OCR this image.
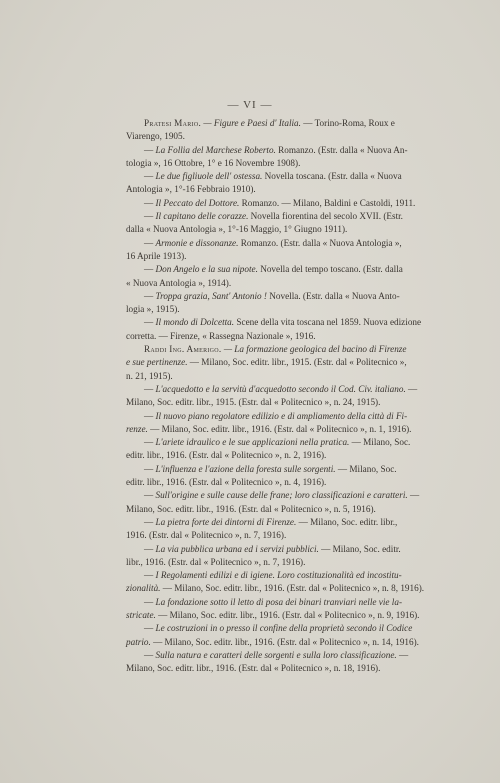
— VI —

Pratesi Mario. — Figure e Paesi d' Italia. — Torino-Roma, Roux e
Viarengo, 1905.

— La Follia del Marchese Roberto. Romanzo. (Estr. dalla « Nuova An-
tologia », 16 Ottobre, 1° e 16 Novembre 1908).

— Le due figliuole dell' ostessa. Novella toscana. (Estr. dalla « Nuova
Antologia », 1°-16 Febbraio 1910).

— Il Peccato del Dottore. Romanzo. — Milano, Baldini e Castoldi, 1911.

— Il capitano delle corazze. Novella fiorentina del secolo XVII. (Estr.
dalla « Nuova Antologia », 1°-16 Maggio, 1° Giugno 1911).

— Armonie e dissonanze. Romanzo. (Estr. dalla « Nuova Antologia »,
16 Aprile 1913).

— Don Angelo e la sua nipote. Novella del tempo toscano. (Estr. dalla
« Nuova Antologia », 1914).

— Troppa grazia, Sant' Antonio ! Novella. (Estr. dalla « Nuova Anto-
logia », 1915).

— Il mondo di Dolcetta. Scene della vita toscana nel 1859. Nuova edizione
corretta. — Firenze, « Rassegna Nazionale », 1916.

Raddi Ing. Amerigo. — La formazione geologica del bacino di Firenze
e sue pertinenze. — Milano, Soc. editr. libr., 1915. (Estr. dal « Politecnico »,
n. 21, 1915).

— L'acquedotto e la servitù d'acquedotto secondo il Cod. Civ. italiano. —
Milano, Soc. editr. libr., 1915. (Estr. dal « Politecnico », n. 24, 1915).

— Il nuovo piano regolatore edilizio e di ampliamento della città di Fi-
renze. — Milano, Soc. editr. libr., 1916. (Estr. dal « Politecnico », n. 1, 1916).

— L'ariete idraulico e le sue applicazioni nella pratica. — Milano, Soc.
editr. libr., 1916. (Estr. dal « Politecnico », n. 2, 1916).

— L'influenza e l'azione della foresta sulle sorgenti. — Milano, Soc.
editr. libr., 1916. (Estr. dal « Politecnico », n. 4, 1916).

— Sull'origine e sulle cause delle frane; loro classificazioni e caratteri. —
Milano, Soc. editr. libr., 1916. (Estr. dal « Politecnico », n. 5, 1916).

— La pietra forte dei dintorni di Firenze. — Milano, Soc. editr. libr.,
1916. (Estr. dal « Politecnico », n. 7, 1916).

— La via pubblica urbana ed i servizi pubblici. — Milano, Soc. editr.
libr., 1916. (Estr. dal « Politecnico », n. 7, 1916).

— I Regolamenti edilizi e di igiene. Loro costituzionalità ed incostitu-
zionalità. — Milano, Soc. editr. libr., 1916. (Estr. dal « Politecnico », n. 8, 1916).

— La fondazione sotto il letto di posa dei binari tranviari nelle vie la-
stricate. — Milano, Soc. editr. libr., 1916. (Estr. dal « Politecnico », n. 9, 1916).

— Le costruzioni in o presso il confine della proprietà secondo il Codice
patrio. — Milano, Soc. editr. libr., 1916. (Estr. dal « Politecnico », n. 14, 1916).

— Sulla natura e caratteri delle sorgenti e sulla loro classificazione. —
Milano, Soc. editr. libr., 1916. (Estr. dal « Politecnico », n. 18, 1916).
